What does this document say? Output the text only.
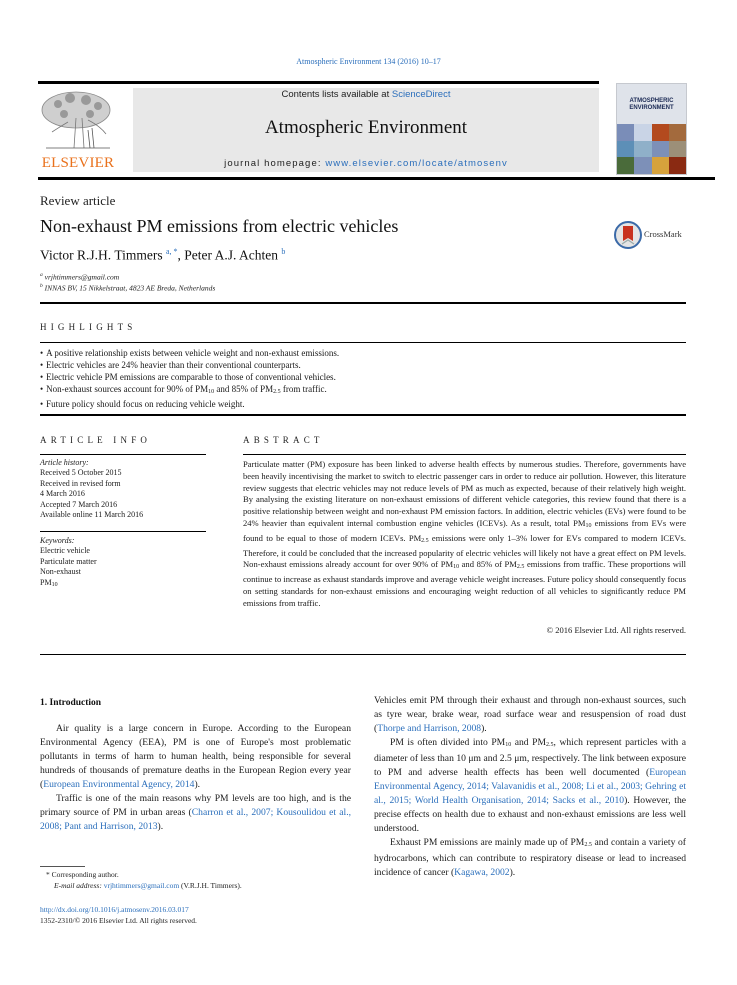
Atmospheric Environment 134 (2016) 10–17
ELSEVIER
Contents lists available at ScienceDirect
Atmospheric Environment
journal homepage: www.elsevier.com/locate/atmosenv
ATMOSPHERIC
ENVIRONMENT
Review article
Non-exhaust PM emissions from electric vehicles
Victor R.J.H. Timmers $^{a, *}$, Peter A.J. Achten $^b$
$^a$ vrjhtimmers@gmail.com
$^b$ INNAS BV, 15 Nikkelstraat, 4823 AE Breda, Netherlands
CrossMark
HIGHLIGHTS
• A positive relationship exists between vehicle weight and non-exhaust emissions.
• Electric vehicles are 24% heavier than their conventional counterparts.
• Electric vehicle PM emissions are comparable to those of conventional vehicles.
• Non-exhaust sources account for 90% of $PM_{10}$ and 85% of $PM_{2.5}$ from traffic.
• Future policy should focus on reducing vehicle weight.
ARTICLE INFO
Article history:
Received 5 October 2015
Received in revised form
4 March 2016
Accepted 7 March 2016
Available online 11 March 2016
Keywords:
Electric vehicle
Particulate matter
Non-exhaust
$PM_{10}$
ABSTRACT
Particulate matter (PM) exposure has been linked to adverse health effects by numerous studies. Therefore, governments have been heavily incentivising the market to switch to electric passenger cars in order to reduce air pollution. However, this literature review suggests that electric vehicles may not reduce levels of PM as much as expected, because of their relatively high weight. By analysing the existing literature on non-exhaust emissions of different vehicle categories, this review found that there is a positive relationship between weight and non-exhaust PM emission factors. In addition, electric vehicles (EVs) were found to be 24% heavier than equivalent internal combustion engine vehicles (ICEVs). As a result, total $PM_{10}$ emissions from EVs were found to be equal to those of modern ICEVs. $PM_{2.5}$ emissions were only 1–3% lower for EVs compared to modern ICEVs. Therefore, it could be concluded that the increased popularity of electric vehicles will likely not have a great effect on PM levels. Non-exhaust emissions already account for over 90% of $PM_{10}$ and 85% of $PM_{2.5}$ emissions from traffic. These proportions will continue to increase as exhaust standards improve and average vehicle weight increases. Future policy should consequently focus on setting standards for non-exhaust emissions and encouraging weight reduction of all vehicles to significantly reduce PM emissions from traffic.
© 2016 Elsevier Ltd. All rights reserved.
1. Introduction

Air quality is a large concern in Europe. According to the European Environmental Agency (EEA), PM is one of Europe's most problematic pollutants in terms of harm to human health, being responsible for several hundreds of thousands of premature deaths in the European Region every year (European Environmental Agency, 2014).

Traffic is one of the main reasons why PM levels are too high, and is the primary source of PM in urban areas (Charron et al., 2007; Kousoulidou et al., 2008; Pant and Harrison, 2013).

Vehicles emit PM through their exhaust and through non-exhaust sources, such as tyre wear, brake wear, road surface wear and resuspension of road dust (Thorpe and Harrison, 2008).

PM is often divided into $PM_{10}$ and $PM_{2.5}$, which represent particles with a diameter of less than 10 μm and 2.5 μm, respectively. The link between exposure to PM and adverse health effects has been well documented (European Environmental Agency, 2014; Valavanidis et al., 2008; Li et al., 2003; Gehring et al., 2015; World Health Organisation, 2014; Sacks et al., 2010). However, the precise effects on health due to exhaust and non-exhaust emissions are less well understood.

Exhaust PM emissions are mainly made up of $PM_{2.5}$ and contain a variety of hydrocarbons, which can contribute to respiratory disease or lead to increased incidence of cancer (Kagawa, 2002).

* Corresponding author.
E-mail address: vrjhtimmers@gmail.com (V.R.J.H. Timmers).
http://dx.doi.org/10.1016/j.atmosenv.2016.03.017
1352-2310/© 2016 Elsevier Ltd. All rights reserved.
